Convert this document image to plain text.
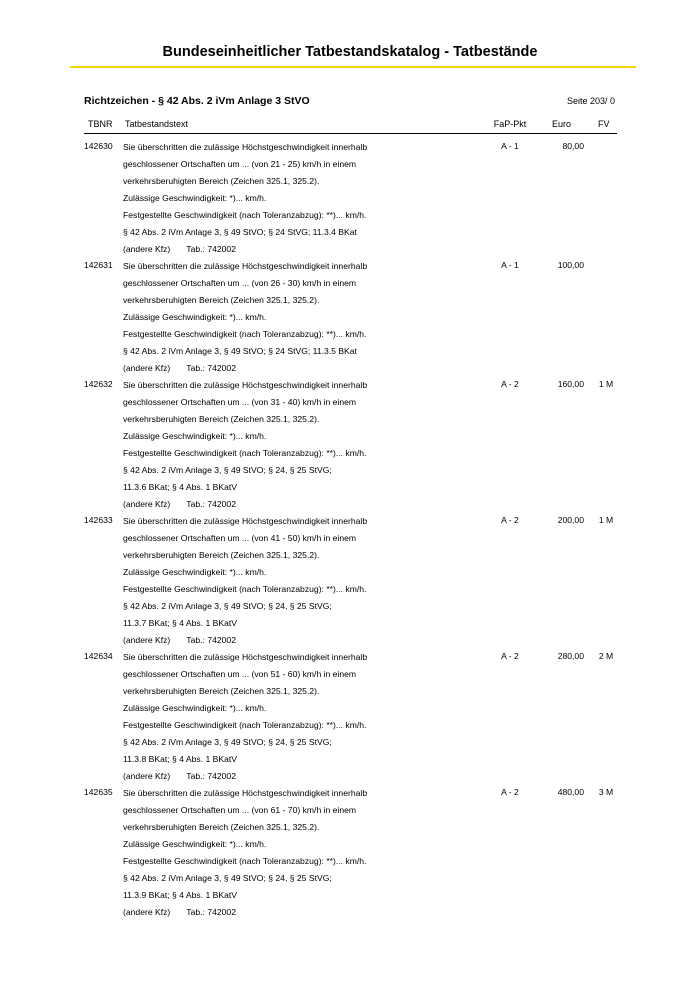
Bundeseinheitlicher Tatbestandskatalog - Tatbestände
Richtzeichen - § 42 Abs. 2 iVm Anlage 3 StVO	Seite 203/ 0
TBNR Tatbestandstext	FaP-Pkt	Euro	FV
142630 Sie überschritten die zulässige Höchstgeschwindigkeit innerhalb
geschlossener Ortschaften um ... (von 21 - 25) km/h in einem
verkehrsberuhigten Bereich (Zeichen 325.1, 325.2).
Zulässige Geschwindigkeit: *)... km/h.
Festgestellte Geschwindigkeit (nach Toleranzabzug): **)... km/h.
§ 42 Abs. 2 iVm Anlage 3, § 49 StVO; § 24 StVG; 11.3.4 BKat
(andere Kfz) Tab.: 742002
A - 1	80,00
142631 Sie überschritten die zulässige Höchstgeschwindigkeit innerhalb
geschlossener Ortschaften um ... (von 26 - 30) km/h in einem
verkehrsberuhigten Bereich (Zeichen 325.1, 325.2).
Zulässige Geschwindigkeit: *)... km/h.
Festgestellte Geschwindigkeit (nach Toleranzabzug): **)... km/h.
§ 42 Abs. 2 iVm Anlage 3, § 49 StVO; § 24 StVG; 11.3.5 BKat
(andere Kfz) Tab.: 742002
A - 1	100,00
142632 Sie überschritten die zulässige Höchstgeschwindigkeit innerhalb
geschlossener Ortschaften um ... (von 31 - 40) km/h in einem
verkehrsberuhigten Bereich (Zeichen 325.1, 325.2).
Zulässige Geschwindigkeit: *)... km/h.
Festgestellte Geschwindigkeit (nach Toleranzabzug): **)... km/h.
§ 42 Abs. 2 iVm Anlage 3, § 49 StVO; § 24, § 25 StVG;
11.3.6 BKat; § 4 Abs. 1 BKatV
(andere Kfz) Tab.: 742002
A - 2	160,00	1 M
142633 Sie überschritten die zulässige Höchstgeschwindigkeit innerhalb
geschlossener Ortschaften um ... (von 41 - 50) km/h in einem
verkehrsberuhigten Bereich (Zeichen 325.1, 325.2).
Zulässige Geschwindigkeit: *)... km/h.
Festgestellte Geschwindigkeit (nach Toleranzabzug): **)... km/h.
§ 42 Abs. 2 iVm Anlage 3, § 49 StVO; § 24, § 25 StVG;
11.3.7 BKat; § 4 Abs. 1 BKatV
(andere Kfz) Tab.: 742002
A - 2	200,00	1 M
142634 Sie überschritten die zulässige Höchstgeschwindigkeit innerhalb
geschlossener Ortschaften um ... (von 51 - 60) km/h in einem
verkehrsberuhigten Bereich (Zeichen 325.1, 325.2).
Zulässige Geschwindigkeit: *)... km/h.
Festgestellte Geschwindigkeit (nach Toleranzabzug): **)... km/h.
§ 42 Abs. 2 iVm Anlage 3, § 49 StVO; § 24, § 25 StVG;
11.3.8 BKat; § 4 Abs. 1 BKatV
(andere Kfz) Tab.: 742002
A - 2	280,00	2 M
142635 Sie überschritten die zulässige Höchstgeschwindigkeit innerhalb
geschlossener Ortschaften um ... (von 61 - 70) km/h in einem
verkehrsberuhigten Bereich (Zeichen 325.1, 325.2).
Zulässige Geschwindigkeit: *)... km/h.
Festgestellte Geschwindigkeit (nach Toleranzabzug): **)... km/h.
§ 42 Abs. 2 iVm Anlage 3, § 49 StVO; § 24, § 25 StVG;
11.3.9 BKat; § 4 Abs. 1 BKatV
(andere Kfz) Tab.: 742002
A - 2	480,00	3 M
